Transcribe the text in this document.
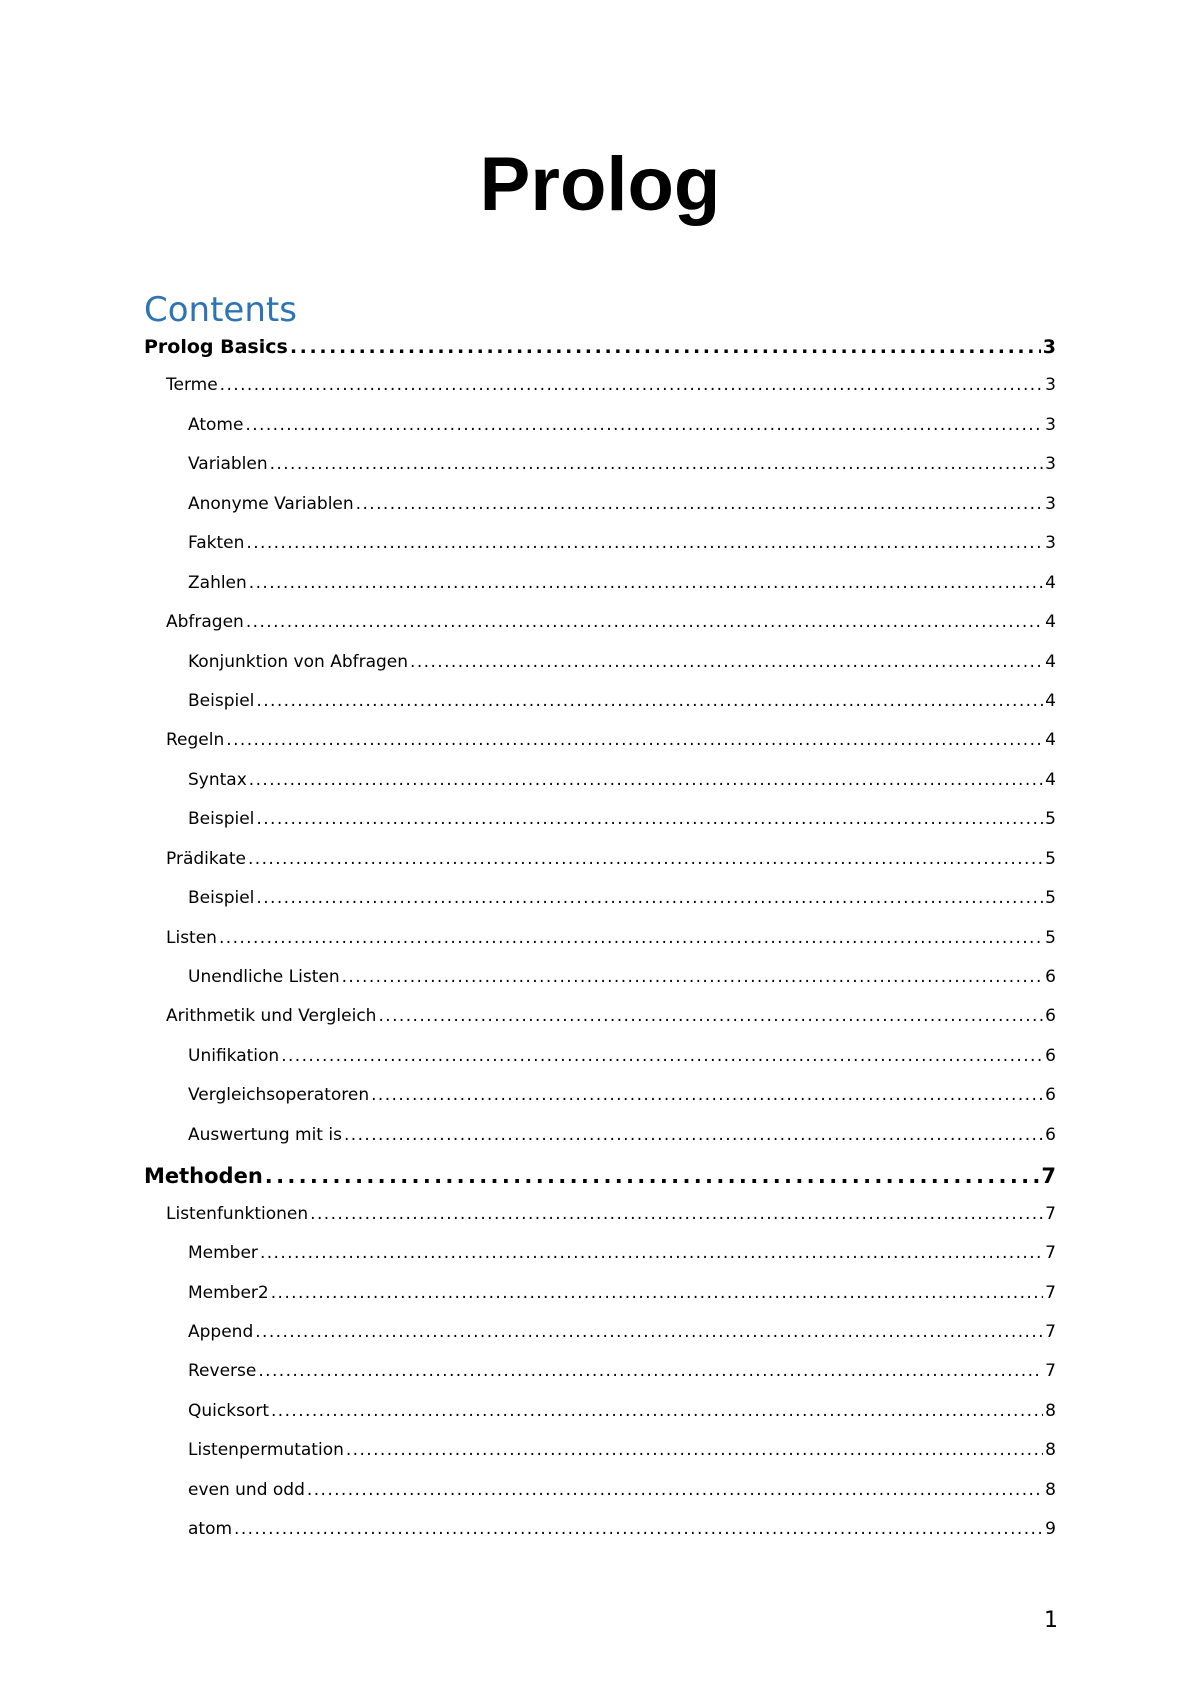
Prolog
Contents
Prolog Basics . . .	3
Terme . . .	3
Atome . . .	3
Variablen . . .	3
Anonyme Variablen . . .	3
Fakten . . .	3
Zahlen . . .	4
Abfragen . . .	4
Konjunktion von Abfragen . . .	4
Beispiel . . .	4
Regeln . . .	4
Syntax . . .	4
Beispiel . . .	5
Prädikate . . .	5
Beispiel . . .	5
Listen . . .	5
Unendliche Listen . . .	6
Arithmetik und Vergleich . . .	6
Unifikation . . .	6
Vergleichsoperatoren . . .	6
Auswertung mit is . . .	6
Methoden . . .	7
Listenfunktionen . . .	7
Member . . .	7
Member2 . . .	7
Append . . .	7
Reverse . . .	7
Quicksort . . .	8
Listenpermutation . . .	8
even und odd . . .	8
atom . . .	9
1
